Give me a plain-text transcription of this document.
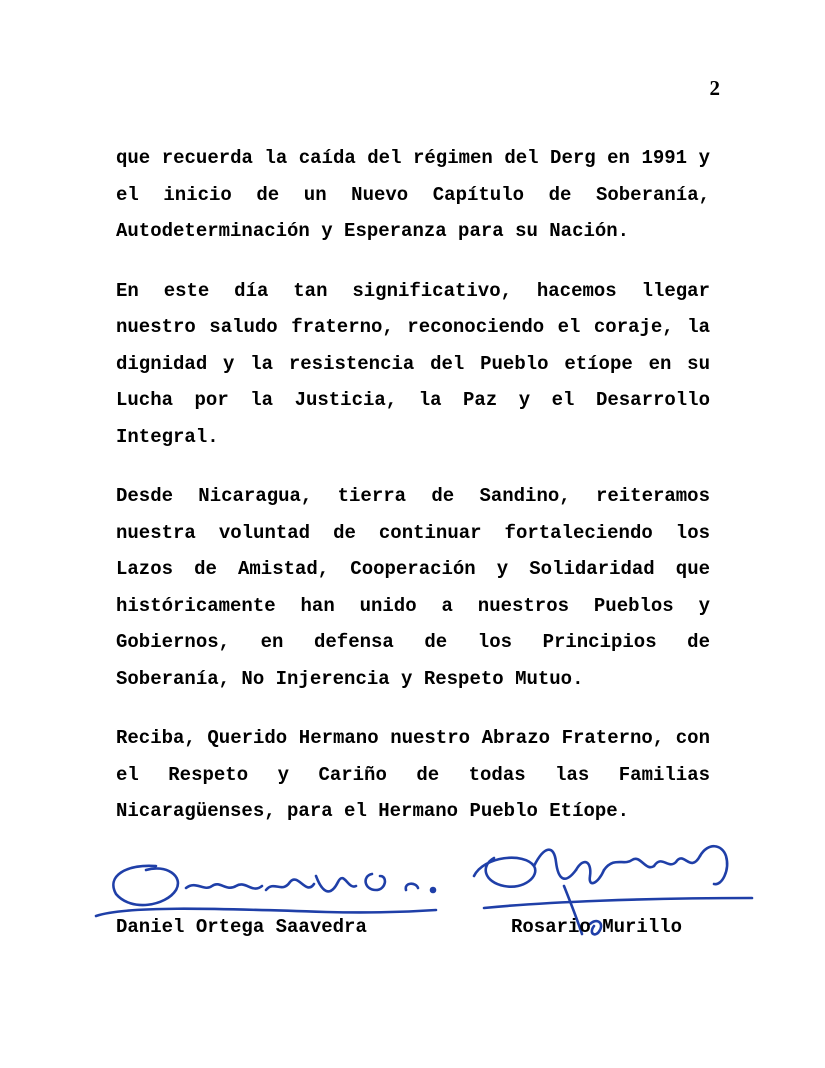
2

que recuerda la caída del régimen del Derg en 1991 y el inicio de un Nuevo Capítulo de Soberanía, Autodeterminación y Esperanza para su Nación.

En este día tan significativo, hacemos llegar nuestro saludo fraterno, reconociendo el coraje, la dignidad y la resistencia del Pueblo etíope en su Lucha por la Justicia, la Paz y el Desarrollo Integral.

Desde Nicaragua, tierra de Sandino, reiteramos nuestra voluntad de continuar fortaleciendo los Lazos de Amistad, Cooperación y Solidaridad que históricamente han unido a nuestros Pueblos y Gobiernos, en defensa de los Principios de Soberanía, No Injerencia y Respeto Mutuo.

Reciba, Querido Hermano nuestro Abrazo Fraterno, con el Respeto y Cariño de todas las Familias Nicaragüenses, para el Hermano Pueblo Etíope.

Daniel Ortega Saavedra	Rosario Murillo
